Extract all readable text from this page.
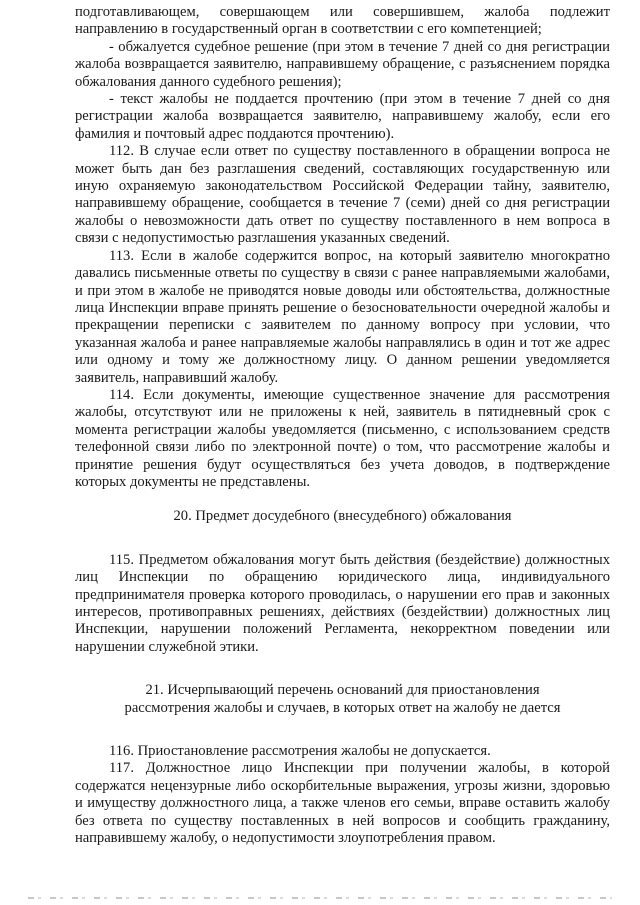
подготавливающем, совершающем или совершившем, жалоба подлежит направлению в государственный орган в соответствии с его компетенцией;

- обжалуется судебное решение (при этом в течение 7 дней со дня регистрации жалоба возвращается заявителю, направившему обращение, с разъяснением порядка обжалования данного судебного решения);

- текст жалобы не поддается прочтению (при этом в течение 7 дней со дня регистрации жалоба возвращается заявителю, направившему жалобу, если его фамилия и почтовый адрес поддаются прочтению).

112. В случае если ответ по существу поставленного в обращении вопроса не может быть дан без разглашения сведений, составляющих государственную или иную охраняемую законодательством Российской Федерации тайну, заявителю, направившему обращение, сообщается в течение 7 (семи) дней со дня регистрации жалобы о невозможности дать ответ по существу поставленного в нем вопроса в связи с недопустимостью разглашения указанных сведений.

113. Если в жалобе содержится вопрос, на который заявителю многократно давались письменные ответы по существу в связи с ранее направляемыми жалобами, и при этом в жалобе не приводятся новые доводы или обстоятельства, должностные лица Инспекции вправе принять решение о безосновательности очередной жалобы и прекращении переписки с заявителем по данному вопросу при условии, что указанная жалоба и ранее направляемые жалобы направлялись в один и тот же адрес или одному и тому же должностному лицу. О данном решении уведомляется заявитель, направивший жалобу.

114. Если документы, имеющие существенное значение для рассмотрения жалобы, отсутствуют или не приложены к ней, заявитель в пятидневный срок с момента регистрации жалобы уведомляется (письменно, с использованием средств телефонной связи либо по электронной почте) о том, что рассмотрение жалобы и принятие решения будут осуществляться без учета доводов, в подтверждение которых документы не представлены.

20. Предмет досудебного (внесудебного) обжалования

115. Предметом обжалования могут быть действия (бездействие) должностных лиц Инспекции по обращению юридического лица, индивидуального предпринимателя проверка которого проводилась, о нарушении его прав и законных интересов, противоправных решениях, действиях (бездействии) должностных лиц Инспекции, нарушении положений Регламента, некорректном поведении или нарушении служебной этики.

21. Исчерпывающий перечень оснований для приостановления

рассмотрения жалобы и случаев, в которых ответ на жалобу не дается

116. Приостановление рассмотрения жалобы не допускается.

117. Должностное лицо Инспекции при получении жалобы, в которой содержатся нецензурные либо оскорбительные выражения, угрозы жизни, здоровью и имуществу должностного лица, а также членов его семьи, вправе оставить жалобу без ответа по существу поставленных в ней вопросов и сообщить гражданину, направившему жалобу, о недопустимости злоупотребления правом.
